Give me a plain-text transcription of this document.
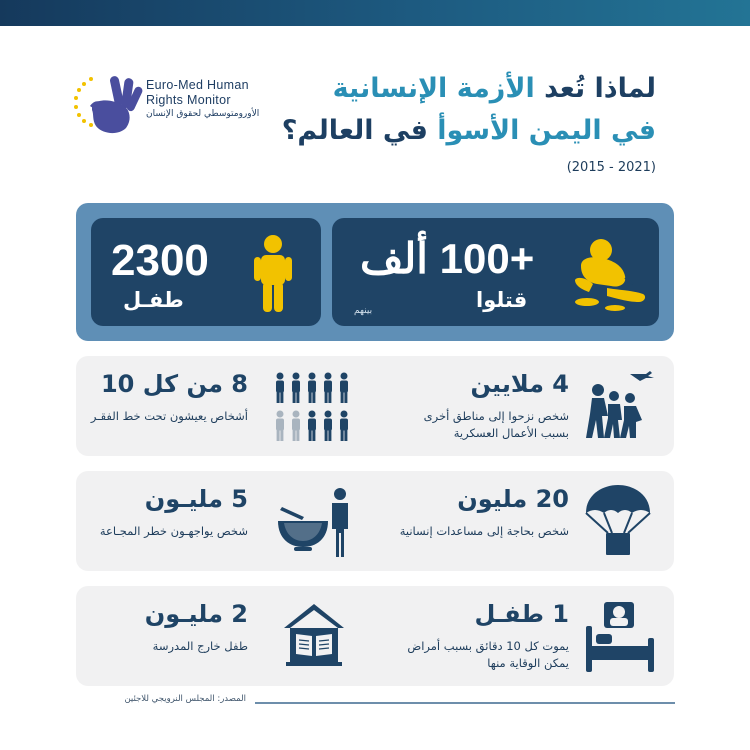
Euro-Med Human
Rights Monitor
الأورومتوسطي لحقوق الإنسان
لماذا تُعد الأزمة الإنسانية
في اليمن الأسوأ في العالم؟
(2015 - 2021)
2300
طفـل
+100 ألف
قتلوا
بينهم
8 من كل 10
أشخاص يعيشون تحت خط الفقـر
4 ملايين
شخص نزحوا إلى مناطق أخرى بسبب الأعمال العسكرية
5 مليـون
شخص يواجهـون خطر المجـاعة
20 مليون
شخص بحاجة إلى مساعدات إنسانية
2 مليـون
طفل خارج المدرسة
1 طفـل
يموت كل 10 دقائق بسبب أمراض يمكن الوقاية منها
المصدر: المجلس النرويجي للاجئين
